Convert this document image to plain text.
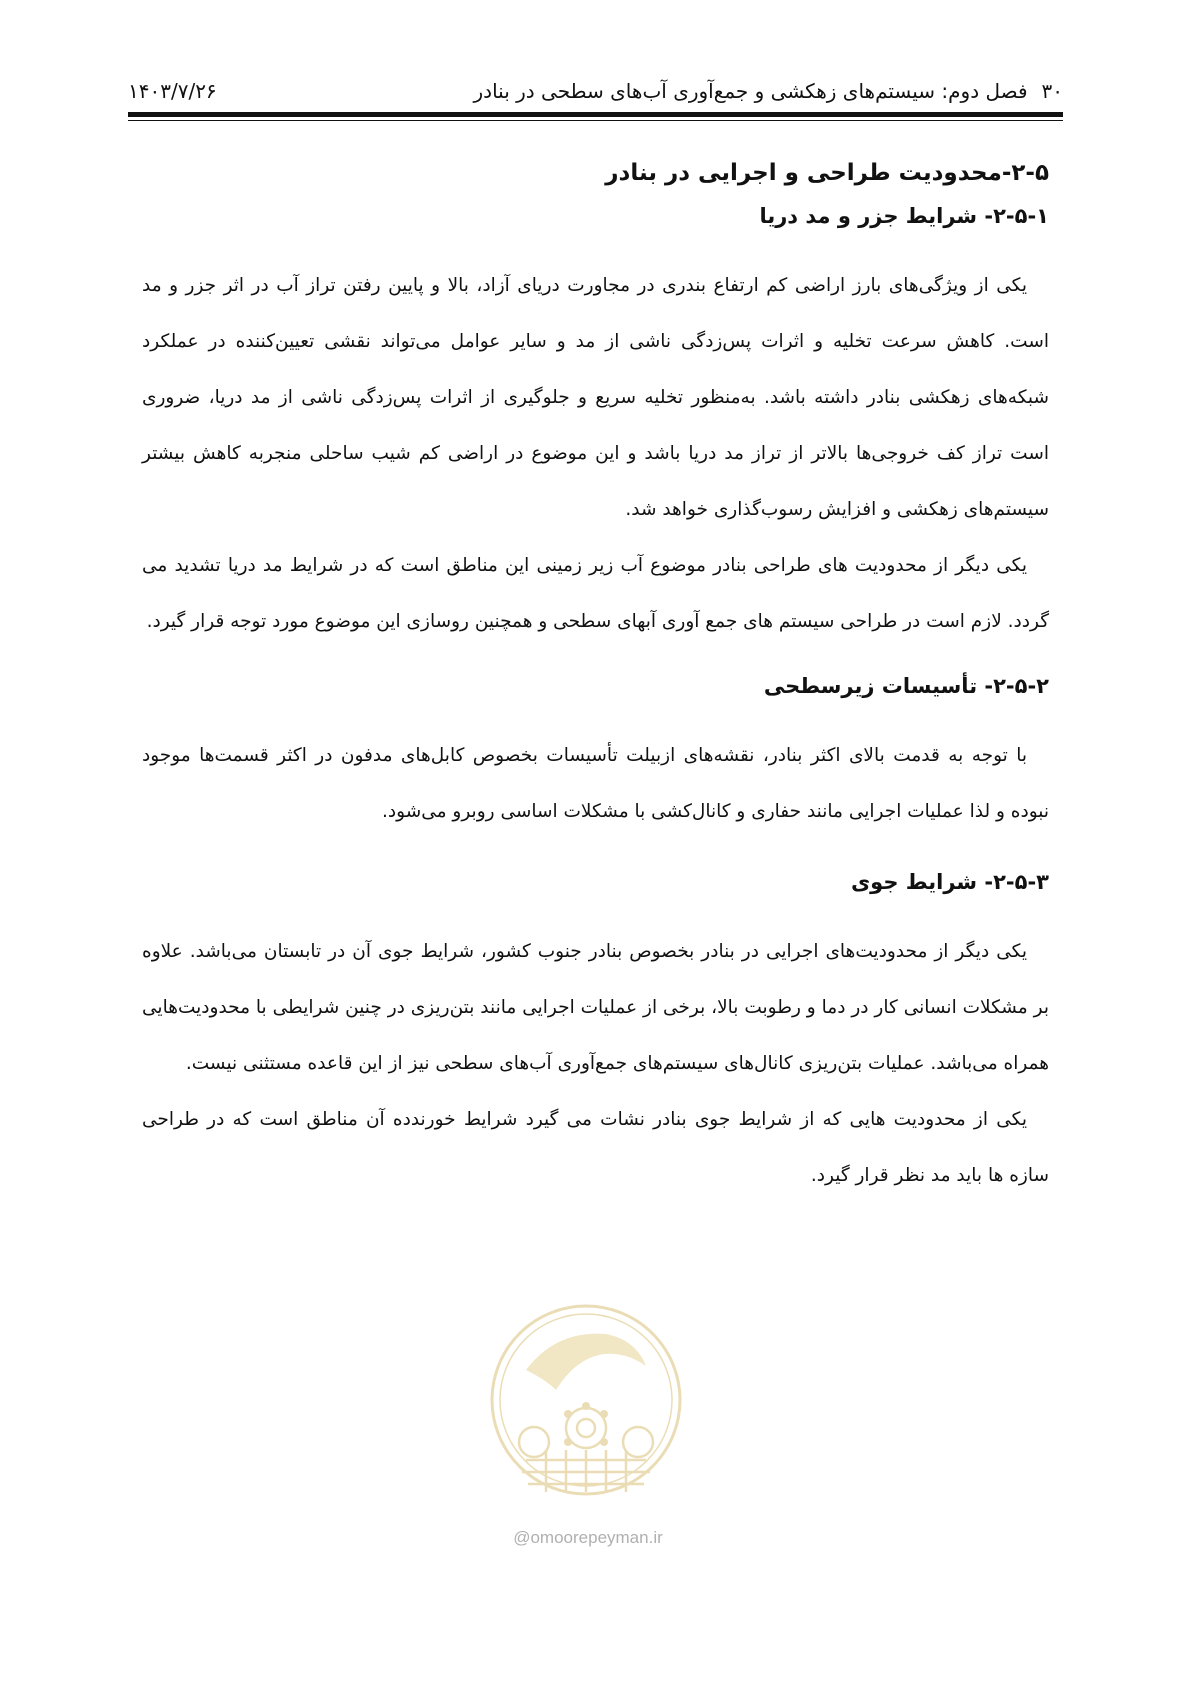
۳۰
فصل دوم: سیستم‌های زهکشی و جمع‌آوری آب‌های سطحی در بنادر
۱۴۰۳/۷/۲۶
۲-۵-محدودیت طراحی و اجرایی در بنادر
۲-۵-۱- شرایط جزر و مد دریا

یکی از ویژگی‌های بارز اراضی کم ارتفاع بندری در مجاورت دریای آزاد، بالا و پایین رفتن تراز آب در اثر جزر و مد است. کاهش سرعت تخلیه و اثرات پس‌زدگی ناشی از مد و سایر عوامل می‌تواند نقشی تعیین‌کننده در عملکرد شبکه‌های زهکشی بنادر داشته باشد. به‌منظور تخلیه سریع و جلوگیری از اثرات پس‌زدگی ناشی از مد دریا، ضروری است تراز کف خروجی‌ها بالاتر از تراز مد دریا باشد و این موضوع در اراضی کم شیب ساحلی منجربه کاهش بیشتر سیستم‌های زهکشی و افزایش رسوب‌گذاری خواهد شد.

یکی دیگر از محدودیت های طراحی بنادر موضوع آب زیر زمینی این مناطق است که در شرایط مد دریا تشدید می گردد. لازم است در طراحی سیستم های جمع آوری آبهای سطحی و همچنین روسازی این موضوع مورد توجه قرار گیرد.

۲-۵-۲- تأسیسات زیرسطحی

با توجه به قدمت بالای اکثر بنادر، نقشه‌های ازبیلت تأسیسات بخصوص کابل‌های مدفون در اکثر قسمت‌ها موجود نبوده و لذا عملیات اجرایی مانند حفاری و کانال‌کشی با مشکلات اساسی روبرو می‌شود.

۲-۵-۳- شرایط جوی

یکی دیگر از محدودیت‌های اجرایی در بنادر بخصوص بنادر جنوب کشور، شرایط جوی آن در تابستان می‌باشد. علاوه بر مشکلات انسانی کار در دما و رطوبت بالا، برخی از عملیات اجرایی مانند بتن‌ریزی در چنین شرایطی با محدودیت‌هایی همراه می‌باشد. عملیات بتن‌ریزی کانال‌های سیستم‌های جمع‌آوری آب‌های سطحی نیز از این قاعده مستثنی نیست.

یکی از محدودیت هایی که از شرایط جوی بنادر نشات می گیرد شرایط خورندده آن مناطق است که در طراحی سازه ها باید مد نظر قرار گیرد.

@omoorepeyman.ir
